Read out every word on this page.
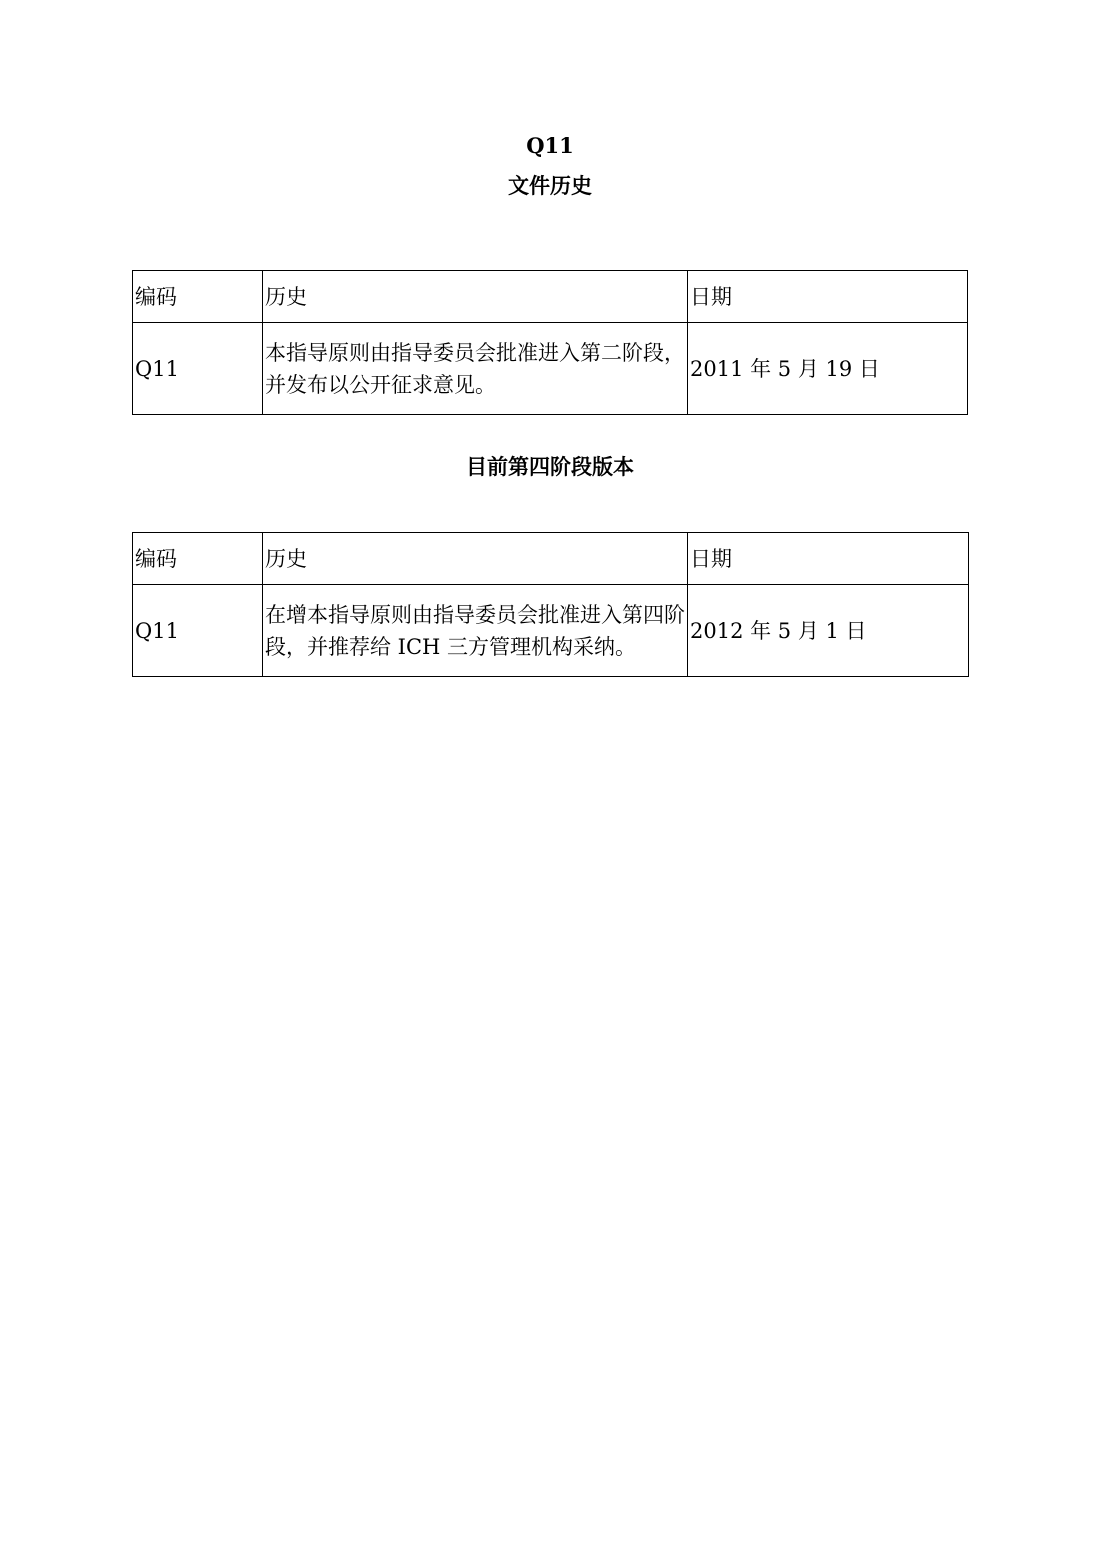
Q11
文件历史
编码	历史	日期
Q11	本指导原则由指导委员会批准进入第二阶段，并发布以公开征求意见。	2011 年 5 月 19 日
目前第四阶段版本
编码	历史	日期
Q11	在增本指导原则由指导委员会批准进入第四阶段，并推荐给 ICH 三方管理机构采纳。	2012 年 5 月 1 日
